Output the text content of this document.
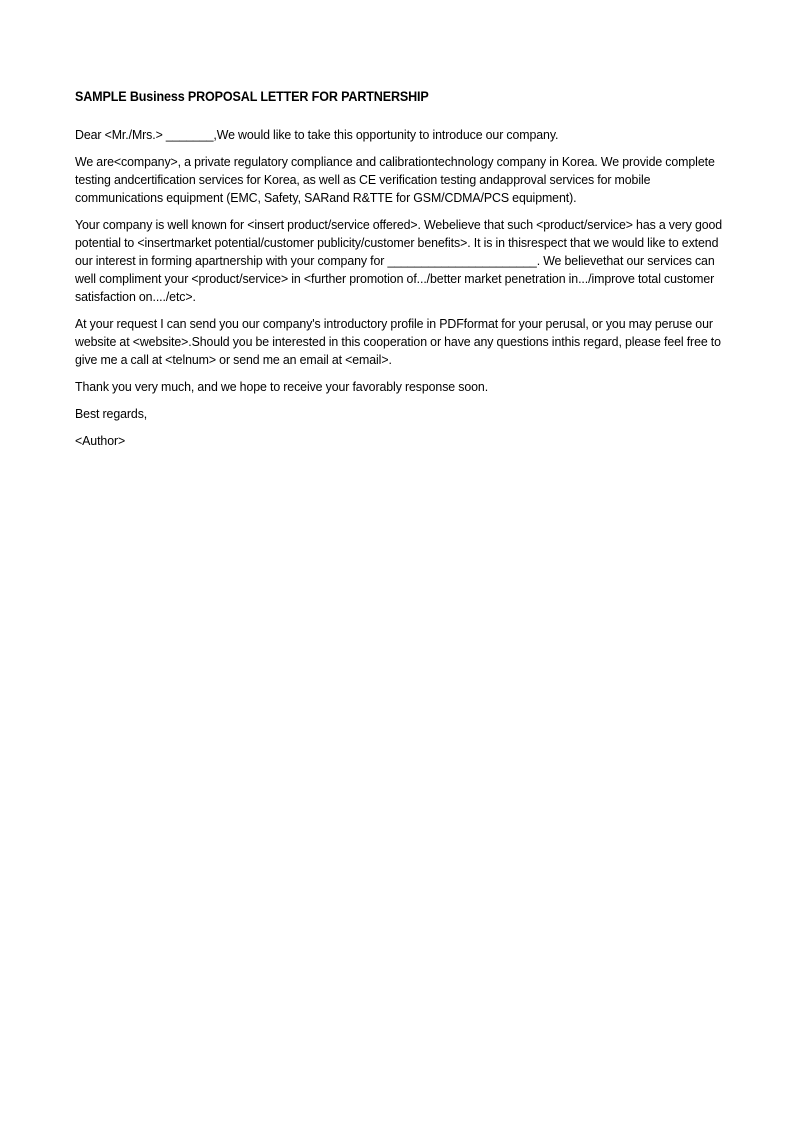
SAMPLE Business PROPOSAL LETTER FOR PARTNERSHIP

Dear <Mr./Mrs.> _______,We would like to take this opportunity to introduce our company.

We are<company>, a private regulatory compliance and calibrationtechnology company in Korea. We provide complete testing andcertification services for Korea, as well as CE verification testing andapproval services for mobile communications equipment (EMC, Safety, SARand R&TTE for GSM/CDMA/PCS equipment).

Your company is well known for <insert product/service offered>. Webelieve that such <product/service> has a very good potential to <insertmarket potential/customer publicity/customer benefits>. It is in thisrespect that we would like to extend our interest in forming apartnership with your company for ______________________. We believethat our services can well compliment your <product/service> in <further promotion of.../better market penetration in.../improve total customer satisfaction on..../etc>.

At your request I can send you our company's introductory profile in PDFformat for your perusal, or you may peruse our website at <website>.Should you be interested in this cooperation or have any questions inthis regard, please feel free to give me a call at <telnum> or send me an email at <email>.

Thank you very much, and we hope to receive your favorably response soon.

Best regards,

<Author>
